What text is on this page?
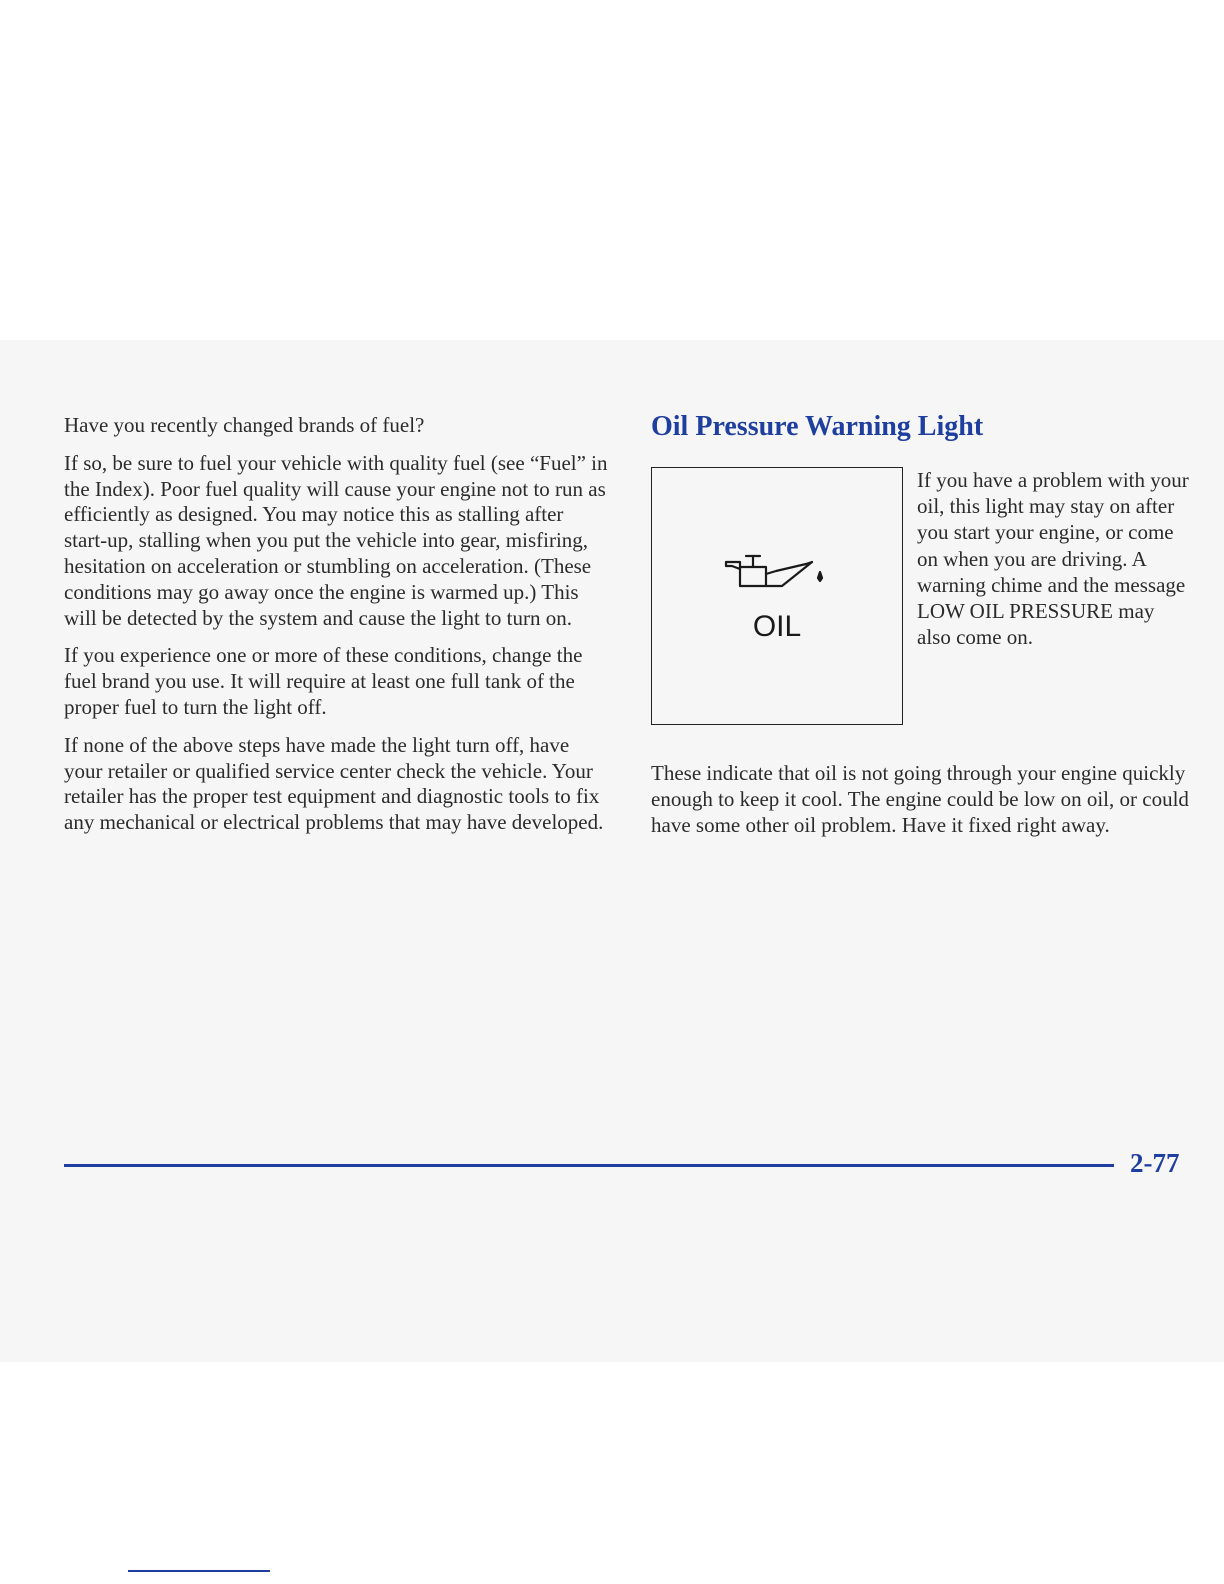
Have you recently changed brands of fuel?

If so, be sure to fuel your vehicle with quality fuel (see “Fuel” in the Index). Poor fuel quality will cause your engine not to run as efficiently as designed. You may notice this as stalling after start-up, stalling when you put the vehicle into gear, misfiring, hesitation on acceleration or stumbling on acceleration. (These conditions may go away once the engine is warmed up.) This will be detected by the system and cause the light to turn on.

If you experience one or more of these conditions, change the fuel brand you use. It will require at least one full tank of the proper fuel to turn the light off.

If none of the above steps have made the light turn off, have your retailer or qualified service center check the vehicle. Your retailer has the proper test equipment and diagnostic tools to fix any mechanical or electrical problems that may have developed.

Oil Pressure Warning Light
OIL

If you have a problem with your oil, this light may stay on after you start your engine, or come on when you are driving. A warning chime and the message LOW OIL PRESSURE may also come on.

These indicate that oil is not going through your engine quickly enough to keep it cool. The engine could be low on oil, or could have some other oil problem. Have it fixed right away.

2-77
